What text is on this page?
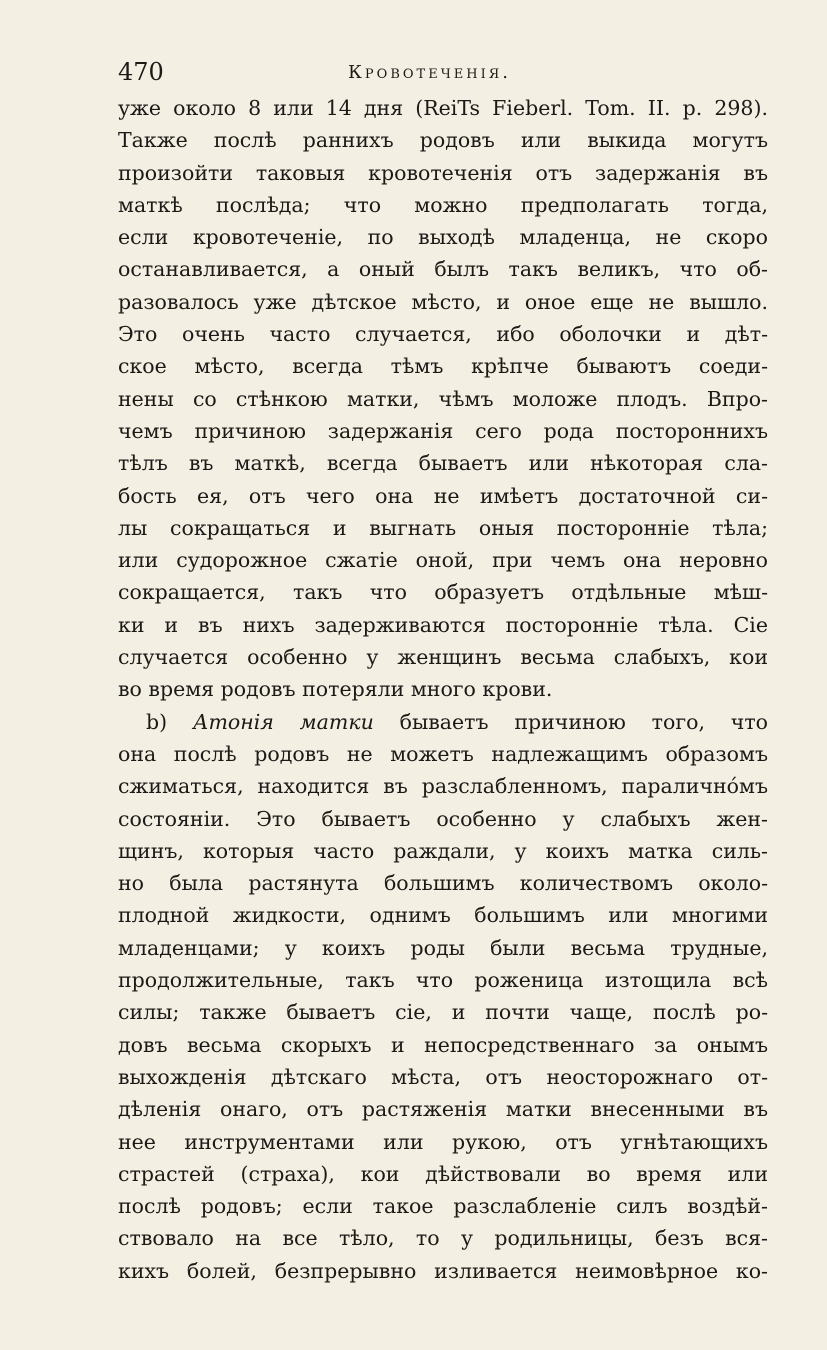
470	Кровотеченія.
уже около 8 или 14 дня (ReiTs Fieberl. Tom. II. p. 298).
Также послѣ раннихъ родовъ или выкида могутъ
произойти таковыя кровотеченія отъ задержанія въ
маткѣ послѣда; что можно предполагать тогда,
если кровотеченіе, по выходѣ младенца, не скоро
останавливается, а оный былъ такъ великъ, что об-
разовалось уже дѣтское мѣсто, и оное еще не вышло.
Это очень часто случается, ибо оболочки и дѣт-
ское мѣсто, всегда тѣмъ крѣпче бываютъ соеди-
нены со стѣнкою матки, чѣмъ моложе плодъ. Впро-
чемъ причиною задержанія сего рода постороннихъ
тѣлъ въ маткѣ, всегда бываетъ или нѣкоторая сла-
бость ея, отъ чего она не имѣетъ достаточной си-
лы сокращаться и выгнать оныя посторонніе тѣла;
или судорожное сжатіе оной, при чемъ она неровно
сокращается, такъ что образуетъ отдѣльные мѣш-
ки и въ нихъ задерживаются посторонніе тѣла. Сіе
случается особенно у женщинъ весьма слабыхъ, кои
во время родовъ потеряли много крови.
b) Атонія матки бываетъ причиною того, что
она послѣ родовъ не можетъ надлежащимъ образомъ
сжиматься, находится въ разслабленномъ, паралично́мъ
состояніи. Это бываетъ особенно у слабыхъ жен-
щинъ, которыя часто раждали, у коихъ матка силь-
но была растянута большимъ количествомъ около-
плодной жидкости, однимъ большимъ или многими
младенцами; у коихъ роды были весьма трудные,
продолжительные, такъ что роженица изтощила всѣ
силы; также бываетъ сіе, и почти чаще, послѣ ро-
довъ весьма скорыхъ и непосредственнаго за онымъ
выхожденія дѣтскаго мѣста, отъ неосторожнаго от-
дѣленія онаго, отъ растяженія матки внесенными въ
нее инструментами или рукою, отъ угнѣтающихъ
страстей (страха), кои дѣйствовали во время или
послѣ родовъ; если такое разслабленіе силъ воздѣй-
ствовало на все тѣло, то у родильницы, безъ вся-
кихъ болей, безпрерывно изливается неимовѣрное ко-
